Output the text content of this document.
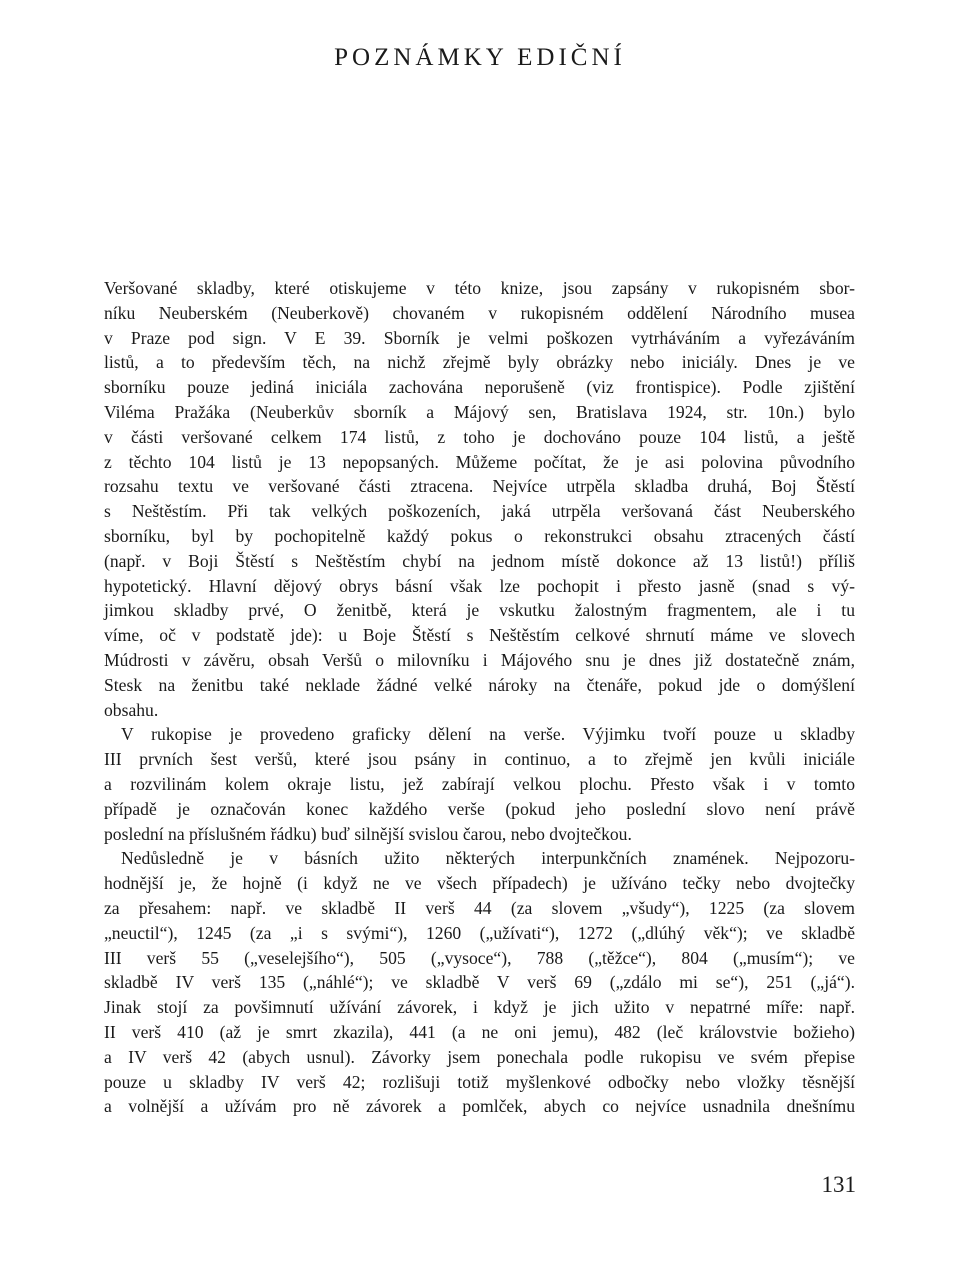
POZNÁMKY EDIČNÍ
Veršované skladby, které otiskujeme v této knize, jsou zapsány v rukopisném sbor-
níku Neuberském (Neuberkově) chovaném v rukopisném oddělení Národního musea
v Praze pod sign. V E 39. Sborník je velmi poškozen vytrháváním a vyřezáváním
listů, a to především těch, na nichž zřejmě byly obrázky nebo iniciály. Dnes je ve
sborníku pouze jediná iniciála zachována neporušeně (viz frontispice). Podle zjištění
Viléma Pražáka (Neuberkův sborník a Májový sen, Bratislava 1924, str. 10n.) bylo
v části veršované celkem 174 listů, z toho je dochováno pouze 104 listů, a ještě
z těchto 104 listů je 13 nepopsaných. Můžeme počítat, že je asi polovina původního
rozsahu textu ve veršované části ztracena. Nejvíce utrpěla skladba druhá, Boj Štěstí
s Neštěstím. Při tak velkých poškozeních, jaká utrpěla veršovaná část Neuberského
sborníku, byl by pochopitelně každý pokus o rekonstrukci obsahu ztracených částí
(např. v Boji Štěstí s Neštěstím chybí na jednom místě dokonce až 13 listů!) příliš
hypotetický. Hlavní dějový obrys básní však lze pochopit i přesto jasně (snad s vý-
jimkou skladby prvé, O ženitbě, která je vskutku žalostným fragmentem, ale i tu
víme, oč v podstatě jde): u Boje Štěstí s Neštěstím celkové shrnutí máme ve slovech
Múdrosti v závěru, obsah Veršů o milovníku i Májového snu je dnes již dostatečně znám,
Stesk na ženitbu také neklade žádné velké nároky na čtenáře, pokud jde o domýšlení
obsahu.
V rukopise je provedeno graficky dělení na verše. Výjimku tvoří pouze u skladby
III prvních šest veršů, které jsou psány in continuo, a to zřejmě jen kvůli iniciále
a rozvilinám kolem okraje listu, jež zabírají velkou plochu. Přesto však i v tomto
případě je označován konec každého verše (pokud jeho poslední slovo není právě
poslední na příslušném řádku) buď silnější svislou čarou, nebo dvojtečkou.
Nedůsledně je v básních užito některých interpunkčních znamének. Nejpozoru-
hodnější je, že hojně (i když ne ve všech případech) je užíváno tečky nebo dvojtečky
za přesahem: např. ve skladbě II verš 44 (za slovem „všudy“), 1225 (za slovem
„neuctil“), 1245 (za „i s svými“), 1260 („užívati“), 1272 („dlúhý věk“); ve skladbě
III verš 55 („veselejšího“), 505 („vysoce“), 788 („těžce“), 804 („musím“); ve
skladbě IV verš 135 („náhlé“); ve skladbě V verš 69 („zdálo mi se“), 251 („já“).
Jinak stojí za povšimnutí užívání závorek, i když je jich užito v nepatrné míře: např.
II verš 410 (až je smrt zkazila), 441 (a ne oni jemu), 482 (leč královstvie božieho)
a IV verš 42 (abych usnul). Závorky jsem ponechala podle rukopisu ve svém přepise
pouze u skladby IV verš 42; rozlišuji totiž myšlenkové odbočky nebo vložky těsnější
a volnější a užívám pro ně závorek a pomlček, abych co nejvíce usnadnila dnešnímu
131
